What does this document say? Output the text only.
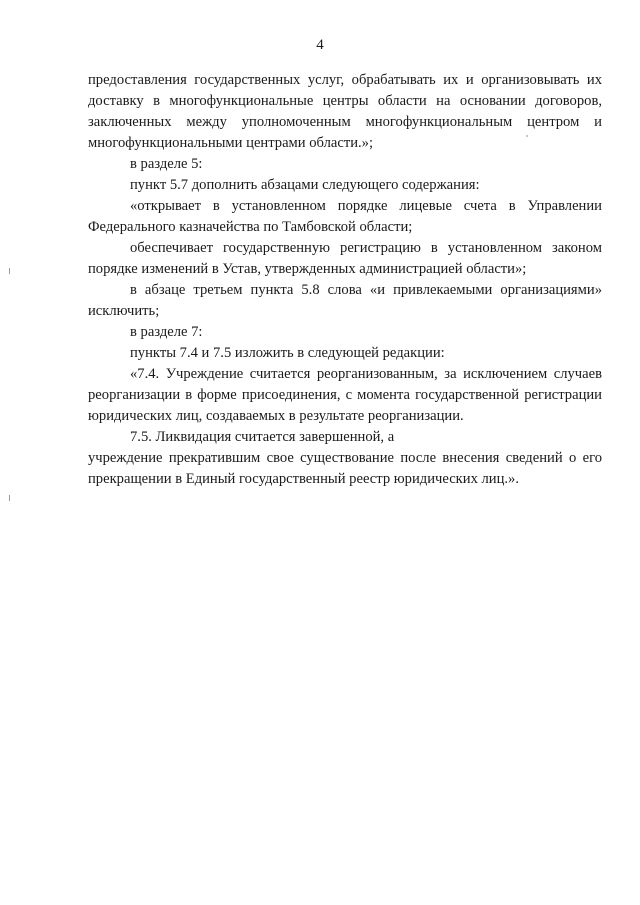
4

предоставления государственных услуг, обрабатывать их и организовывать их доставку в многофункциональные центры области на основании договоров, заключенных между уполномоченным многофункциональным центром и многофункциональными центрами области.»;

в разделе 5:

пункт 5.7 дополнить абзацами следующего содержания:

«открывает в установленном порядке лицевые счета в Управлении Федерального казначейства по Тамбовской области;

обеспечивает государственную регистрацию в установленном законом порядке изменений в Устав, утвержденных администрацией области»;

в абзаце третьем пункта 5.8 слова «и привлекаемыми организациями» исключить;

в разделе 7:

пункты 7.4 и 7.5 изложить в следующей редакции:

«7.4. Учреждение считается реорганизованным, за исключением случаев реорганизации в форме присоединения, с момента государственной регистрации юридических лиц, создаваемых в результате реорганизации.

7.5. Ликвидация считается завершенной, а

учреждение прекратившим свое существование после внесения сведений о его прекращении в Единый государственный реестр юридических лиц.».
